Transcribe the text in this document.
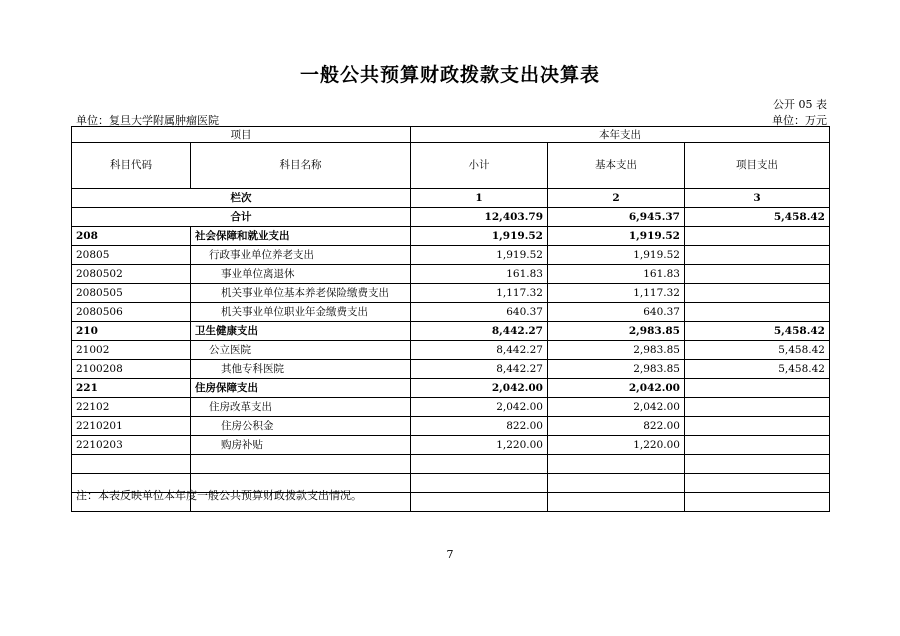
一般公共预算财政拨款支出决算表
公开 05 表
单位：复旦大学附属肿瘤医院	单位：万元
项目		本年支出		
科目代码	科目名称	小计	基本支出	项目支出
栏次		1	2	3
合计		12,403.79	6,945.37	5,458.42
208	社会保障和就业支出	1,919.52	1,919.52	
20805	行政事业单位养老支出	1,919.52	1,919.52	
2080502	事业单位离退休	161.83	161.83	
2080505	机关事业单位基本养老保险缴费支出	1,117.32	1,117.32	
2080506	机关事业单位职业年金缴费支出	640.37	640.37	
210	卫生健康支出	8,442.27	2,983.85	5,458.42
21002	公立医院	8,442.27	2,983.85	5,458.42
2100208	其他专科医院	8,442.27	2,983.85	5,458.42
221	住房保障支出	2,042.00	2,042.00	
22102	住房改革支出	2,042.00	2,042.00	
2210201	住房公积金	822.00	822.00	
2210203	购房补贴	1,220.00	1,220.00	

注：本表反映单位本年度一般公共预算财政拨款支出情况。
7
